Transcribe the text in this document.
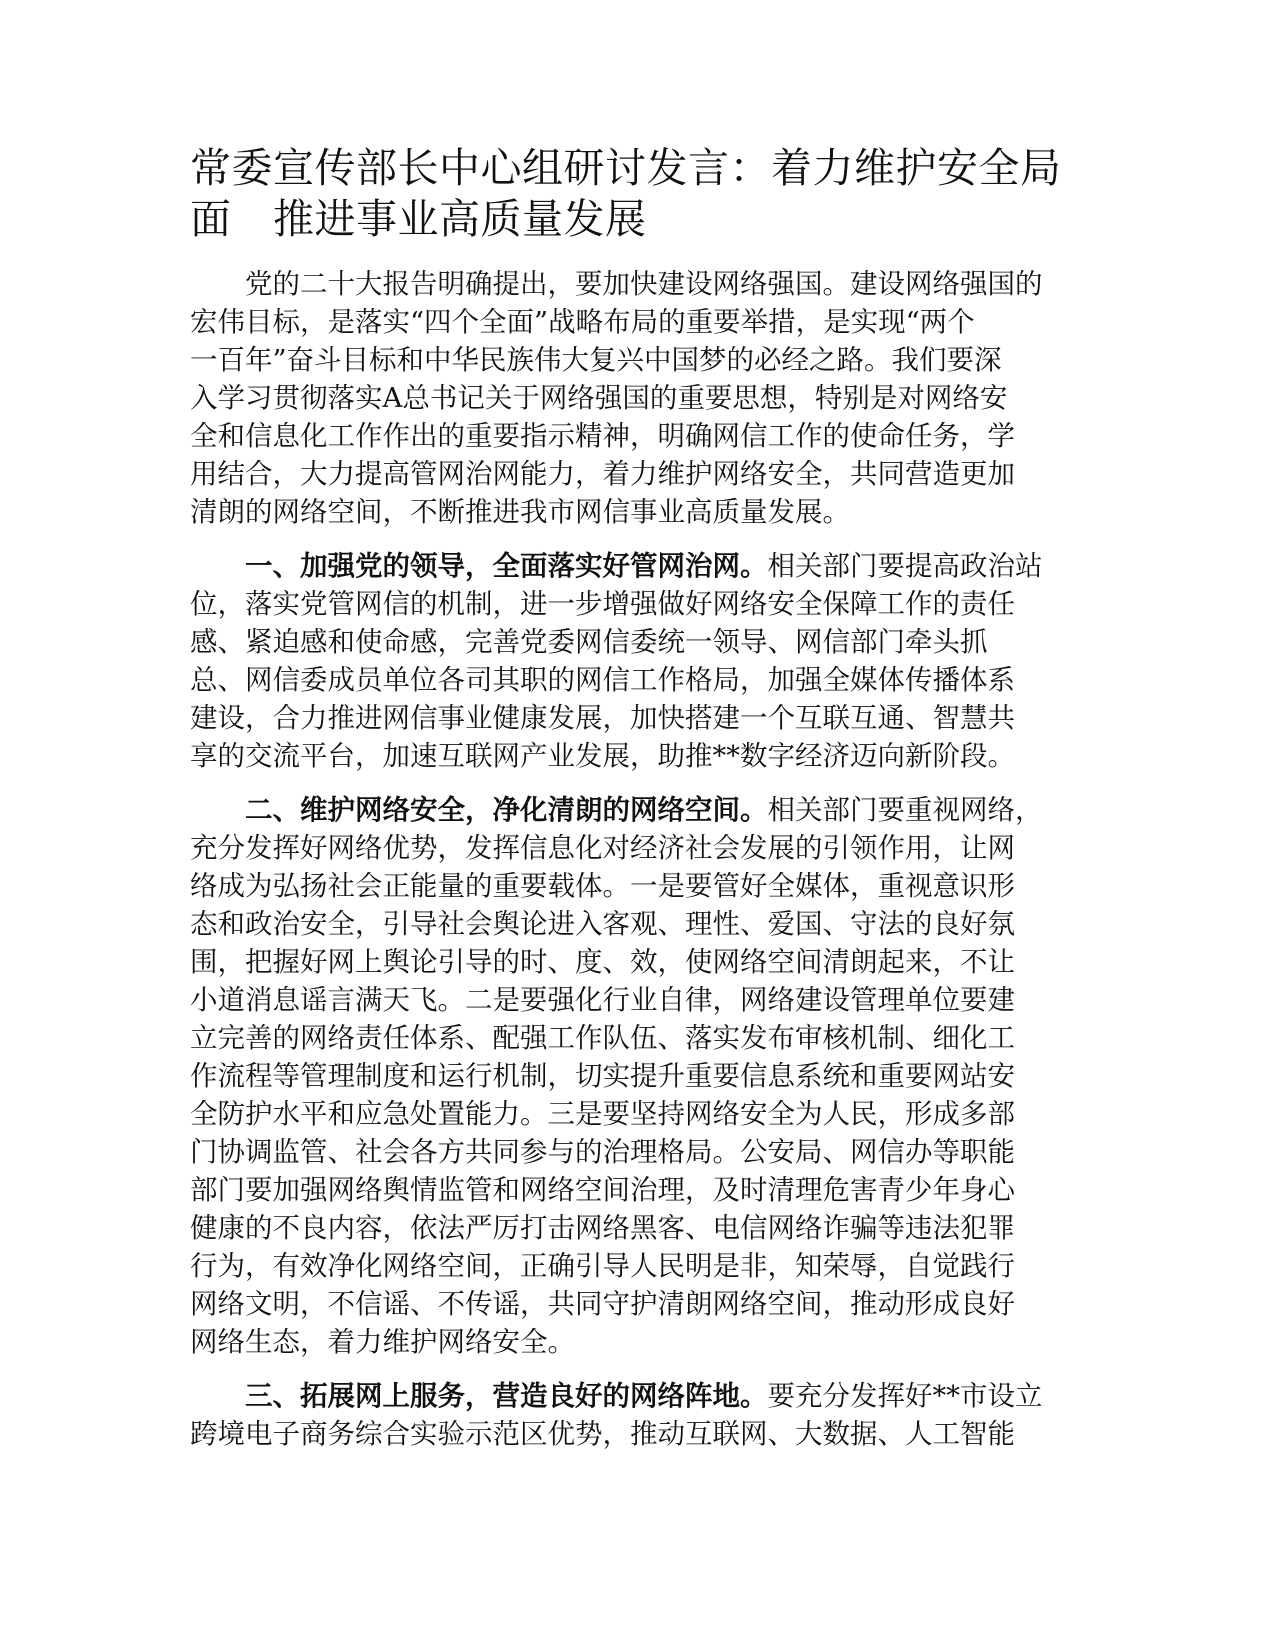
常委宣传部长中心组研讨发言：着力维护安全局
面　推进事业高质量发展
　　党的二十大报告明确提出，要加快建设网络强国。建设网络强国的
宏伟目标，是落实“四个全面”战略布局的重要举措，是实现“两个
一百年”奋斗目标和中华民族伟大复兴中国梦的必经之路。我们要深
入学习贯彻落实A总书记关于网络强国的重要思想，特别是对网络安
全和信息化工作作出的重要指示精神，明确网信工作的使命任务，学
用结合，大力提高管网治网能力，着力维护网络安全，共同营造更加
清朗的网络空间，不断推进我市网信事业高质量发展。
　　一、加强党的领导，全面落实好管网治网。相关部门要提高政治站
位，落实党管网信的机制，进一步增强做好网络安全保障工作的责任
感、紧迫感和使命感，完善党委网信委统一领导、网信部门牵头抓
总、网信委成员单位各司其职的网信工作格局，加强全媒体传播体系
建设，合力推进网信事业健康发展，加快搭建一个互联互通、智慧共
享的交流平台，加速互联网产业发展，助推**数字经济迈向新阶段。
　　二、维护网络安全，净化清朗的网络空间。相关部门要重视网络，
充分发挥好网络优势，发挥信息化对经济社会发展的引领作用，让网
络成为弘扬社会正能量的重要载体。一是要管好全媒体，重视意识形
态和政治安全，引导社会舆论进入客观、理性、爱国、守法的良好氛
围，把握好网上舆论引导的时、度、效，使网络空间清朗起来，不让
小道消息谣言满天飞。二是要强化行业自律，网络建设管理单位要建
立完善的网络责任体系、配强工作队伍、落实发布审核机制、细化工
作流程等管理制度和运行机制，切实提升重要信息系统和重要网站安
全防护水平和应急处置能力。三是要坚持网络安全为人民，形成多部
门协调监管、社会各方共同参与的治理格局。公安局、网信办等职能
部门要加强网络舆情监管和网络空间治理，及时清理危害青少年身心
健康的不良内容，依法严厉打击网络黑客、电信网络诈骗等违法犯罪
行为，有效净化网络空间，正确引导人民明是非，知荣辱，自觉践行
网络文明，不信谣、不传谣，共同守护清朗网络空间，推动形成良好
网络生态，着力维护网络安全。
　　三、拓展网上服务，营造良好的网络阵地。要充分发挥好**市设立
跨境电子商务综合实验示范区优势，推动互联网、大数据、人工智能
